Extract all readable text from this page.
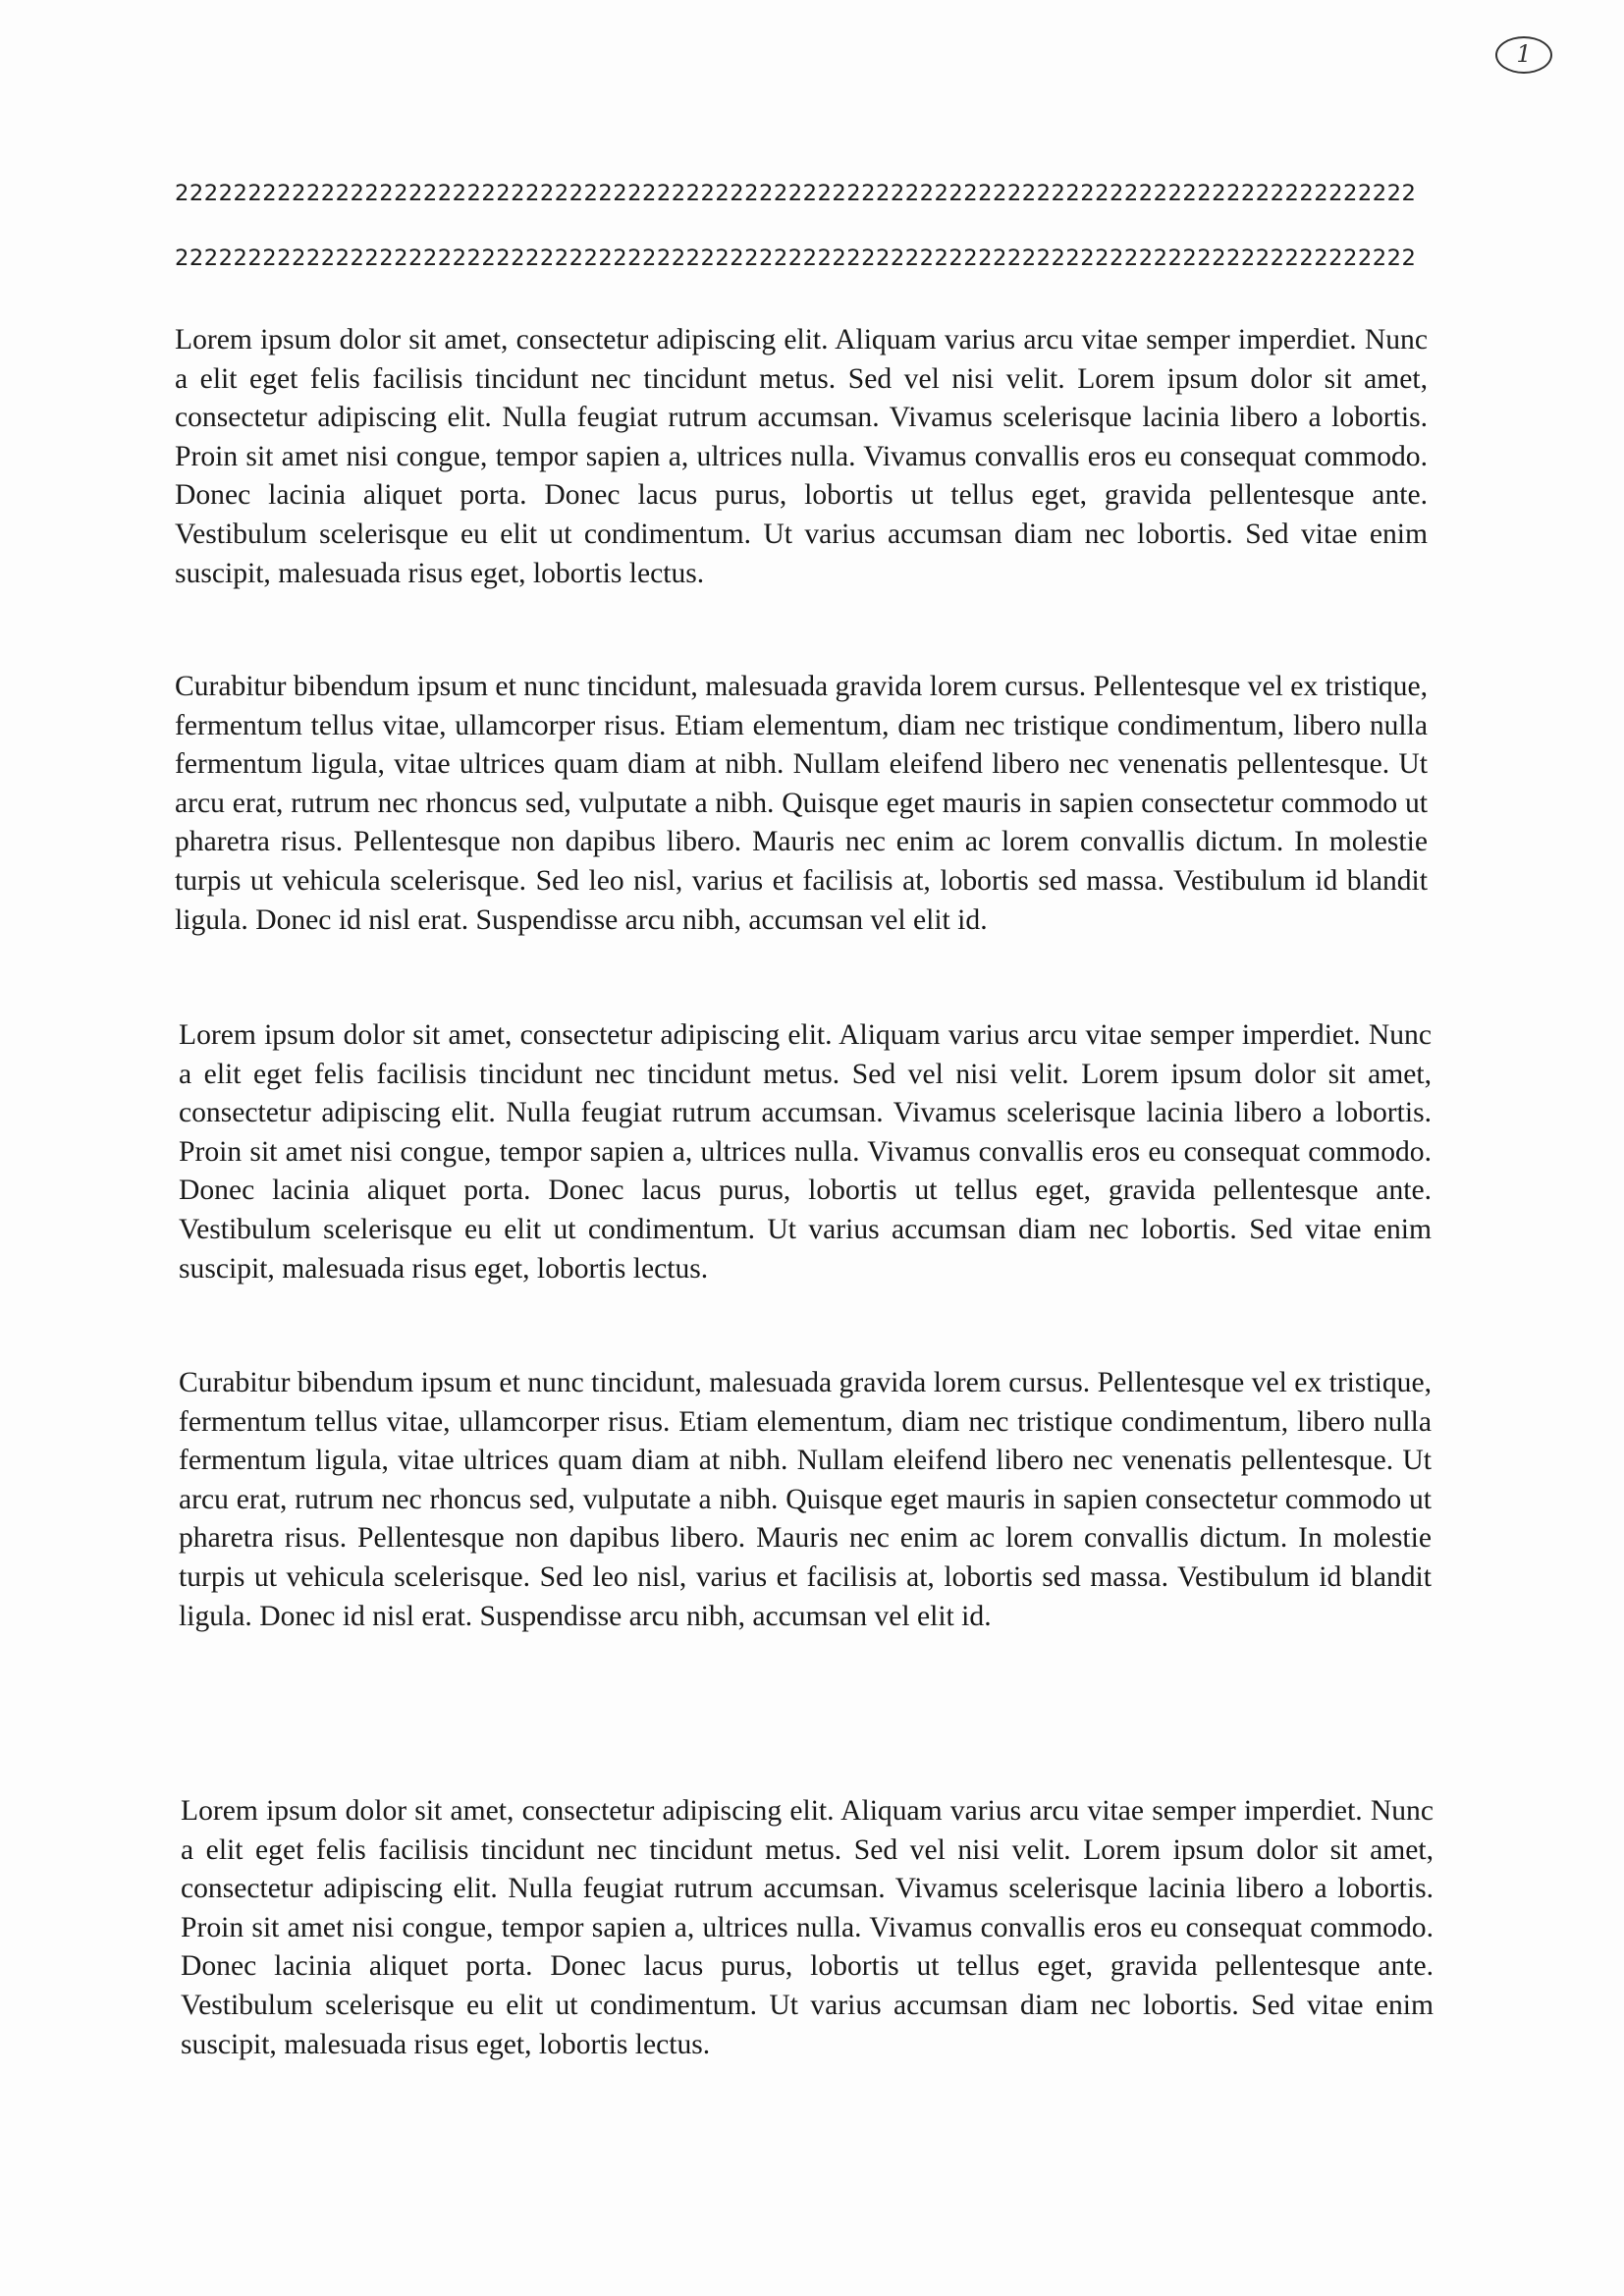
1
2222222222222222222222222222222222222222222222222222222222222222222222222222222222222
2222222222222222222222222222222222222222222222222222222222222222222222222222222222222

Lorem ipsum dolor sit amet, consectetur adipiscing elit. Aliquam varius arcu vitae semper imperdiet. Nunc a elit eget felis facilisis tincidunt nec tincidunt metus. Sed vel nisi velit. Lorem ipsum dolor sit amet, consectetur adipiscing elit. Nulla feugiat rutrum accumsan. Vivamus scelerisque lacinia libero a lobortis. Proin sit amet nisi congue, tempor sapien a, ultrices nulla. Vivamus convallis eros eu consequat commodo. Donec lacinia aliquet porta. Donec lacus purus, lobortis ut tellus eget, gravida pellentesque ante. Vestibulum scelerisque eu elit ut condimentum. Ut varius accumsan diam nec lobortis. Sed vitae enim suscipit, malesuada risus eget, lobortis lectus.

Curabitur bibendum ipsum et nunc tincidunt, malesuada gravida lorem cursus. Pellentesque vel ex tristique, fermentum tellus vitae, ullamcorper risus. Etiam elementum, diam nec tristique condimentum, libero nulla fermentum ligula, vitae ultrices quam diam at nibh. Nullam eleifend libero nec venenatis pellentesque. Ut arcu erat, rutrum nec rhoncus sed, vulputate a nibh. Quisque eget mauris in sapien consectetur commodo ut pharetra risus. Pellentesque non dapibus libero. Mauris nec enim ac lorem convallis dictum. In molestie turpis ut vehicula scelerisque. Sed leo nisl, varius et facilisis at, lobortis sed massa. Vestibulum id blandit ligula. Donec id nisl erat. Suspendisse arcu nibh, accumsan vel elit id.

Lorem ipsum dolor sit amet, consectetur adipiscing elit. Aliquam varius arcu vitae semper imperdiet. Nunc a elit eget felis facilisis tincidunt nec tincidunt metus. Sed vel nisi velit. Lorem ipsum dolor sit amet, consectetur adipiscing elit. Nulla feugiat rutrum accumsan. Vivamus scelerisque lacinia libero a lobortis. Proin sit amet nisi congue, tempor sapien a, ultrices nulla. Vivamus convallis eros eu consequat commodo. Donec lacinia aliquet porta. Donec lacus purus, lobortis ut tellus eget, gravida pellentesque ante. Vestibulum scelerisque eu elit ut condimentum. Ut varius accumsan diam nec lobortis. Sed vitae enim suscipit, malesuada risus eget, lobortis lectus.

Curabitur bibendum ipsum et nunc tincidunt, malesuada gravida lorem cursus. Pellentesque vel ex tristique, fermentum tellus vitae, ullamcorper risus. Etiam elementum, diam nec tristique condimentum, libero nulla fermentum ligula, vitae ultrices quam diam at nibh. Nullam eleifend libero nec venenatis pellentesque. Ut arcu erat, rutrum nec rhoncus sed, vulputate a nibh. Quisque eget mauris in sapien consectetur commodo ut pharetra risus. Pellentesque non dapibus libero. Mauris nec enim ac lorem convallis dictum. In molestie turpis ut vehicula scelerisque. Sed leo nisl, varius et facilisis at, lobortis sed massa. Vestibulum id blandit ligula. Donec id nisl erat. Suspendisse arcu nibh, accumsan vel elit id.

Lorem ipsum dolor sit amet, consectetur adipiscing elit. Aliquam varius arcu vitae semper imperdiet. Nunc a elit eget felis facilisis tincidunt nec tincidunt metus. Sed vel nisi velit. Lorem ipsum dolor sit amet, consectetur adipiscing elit. Nulla feugiat rutrum accumsan. Vivamus scelerisque lacinia libero a lobortis. Proin sit amet nisi congue, tempor sapien a, ultrices nulla. Vivamus convallis eros eu consequat commodo. Donec lacinia aliquet porta. Donec lacus purus, lobortis ut tellus eget, gravida pellentesque ante. Vestibulum scelerisque eu elit ut condimentum. Ut varius accumsan diam nec lobortis. Sed vitae enim suscipit, malesuada risus eget, lobortis lectus.
